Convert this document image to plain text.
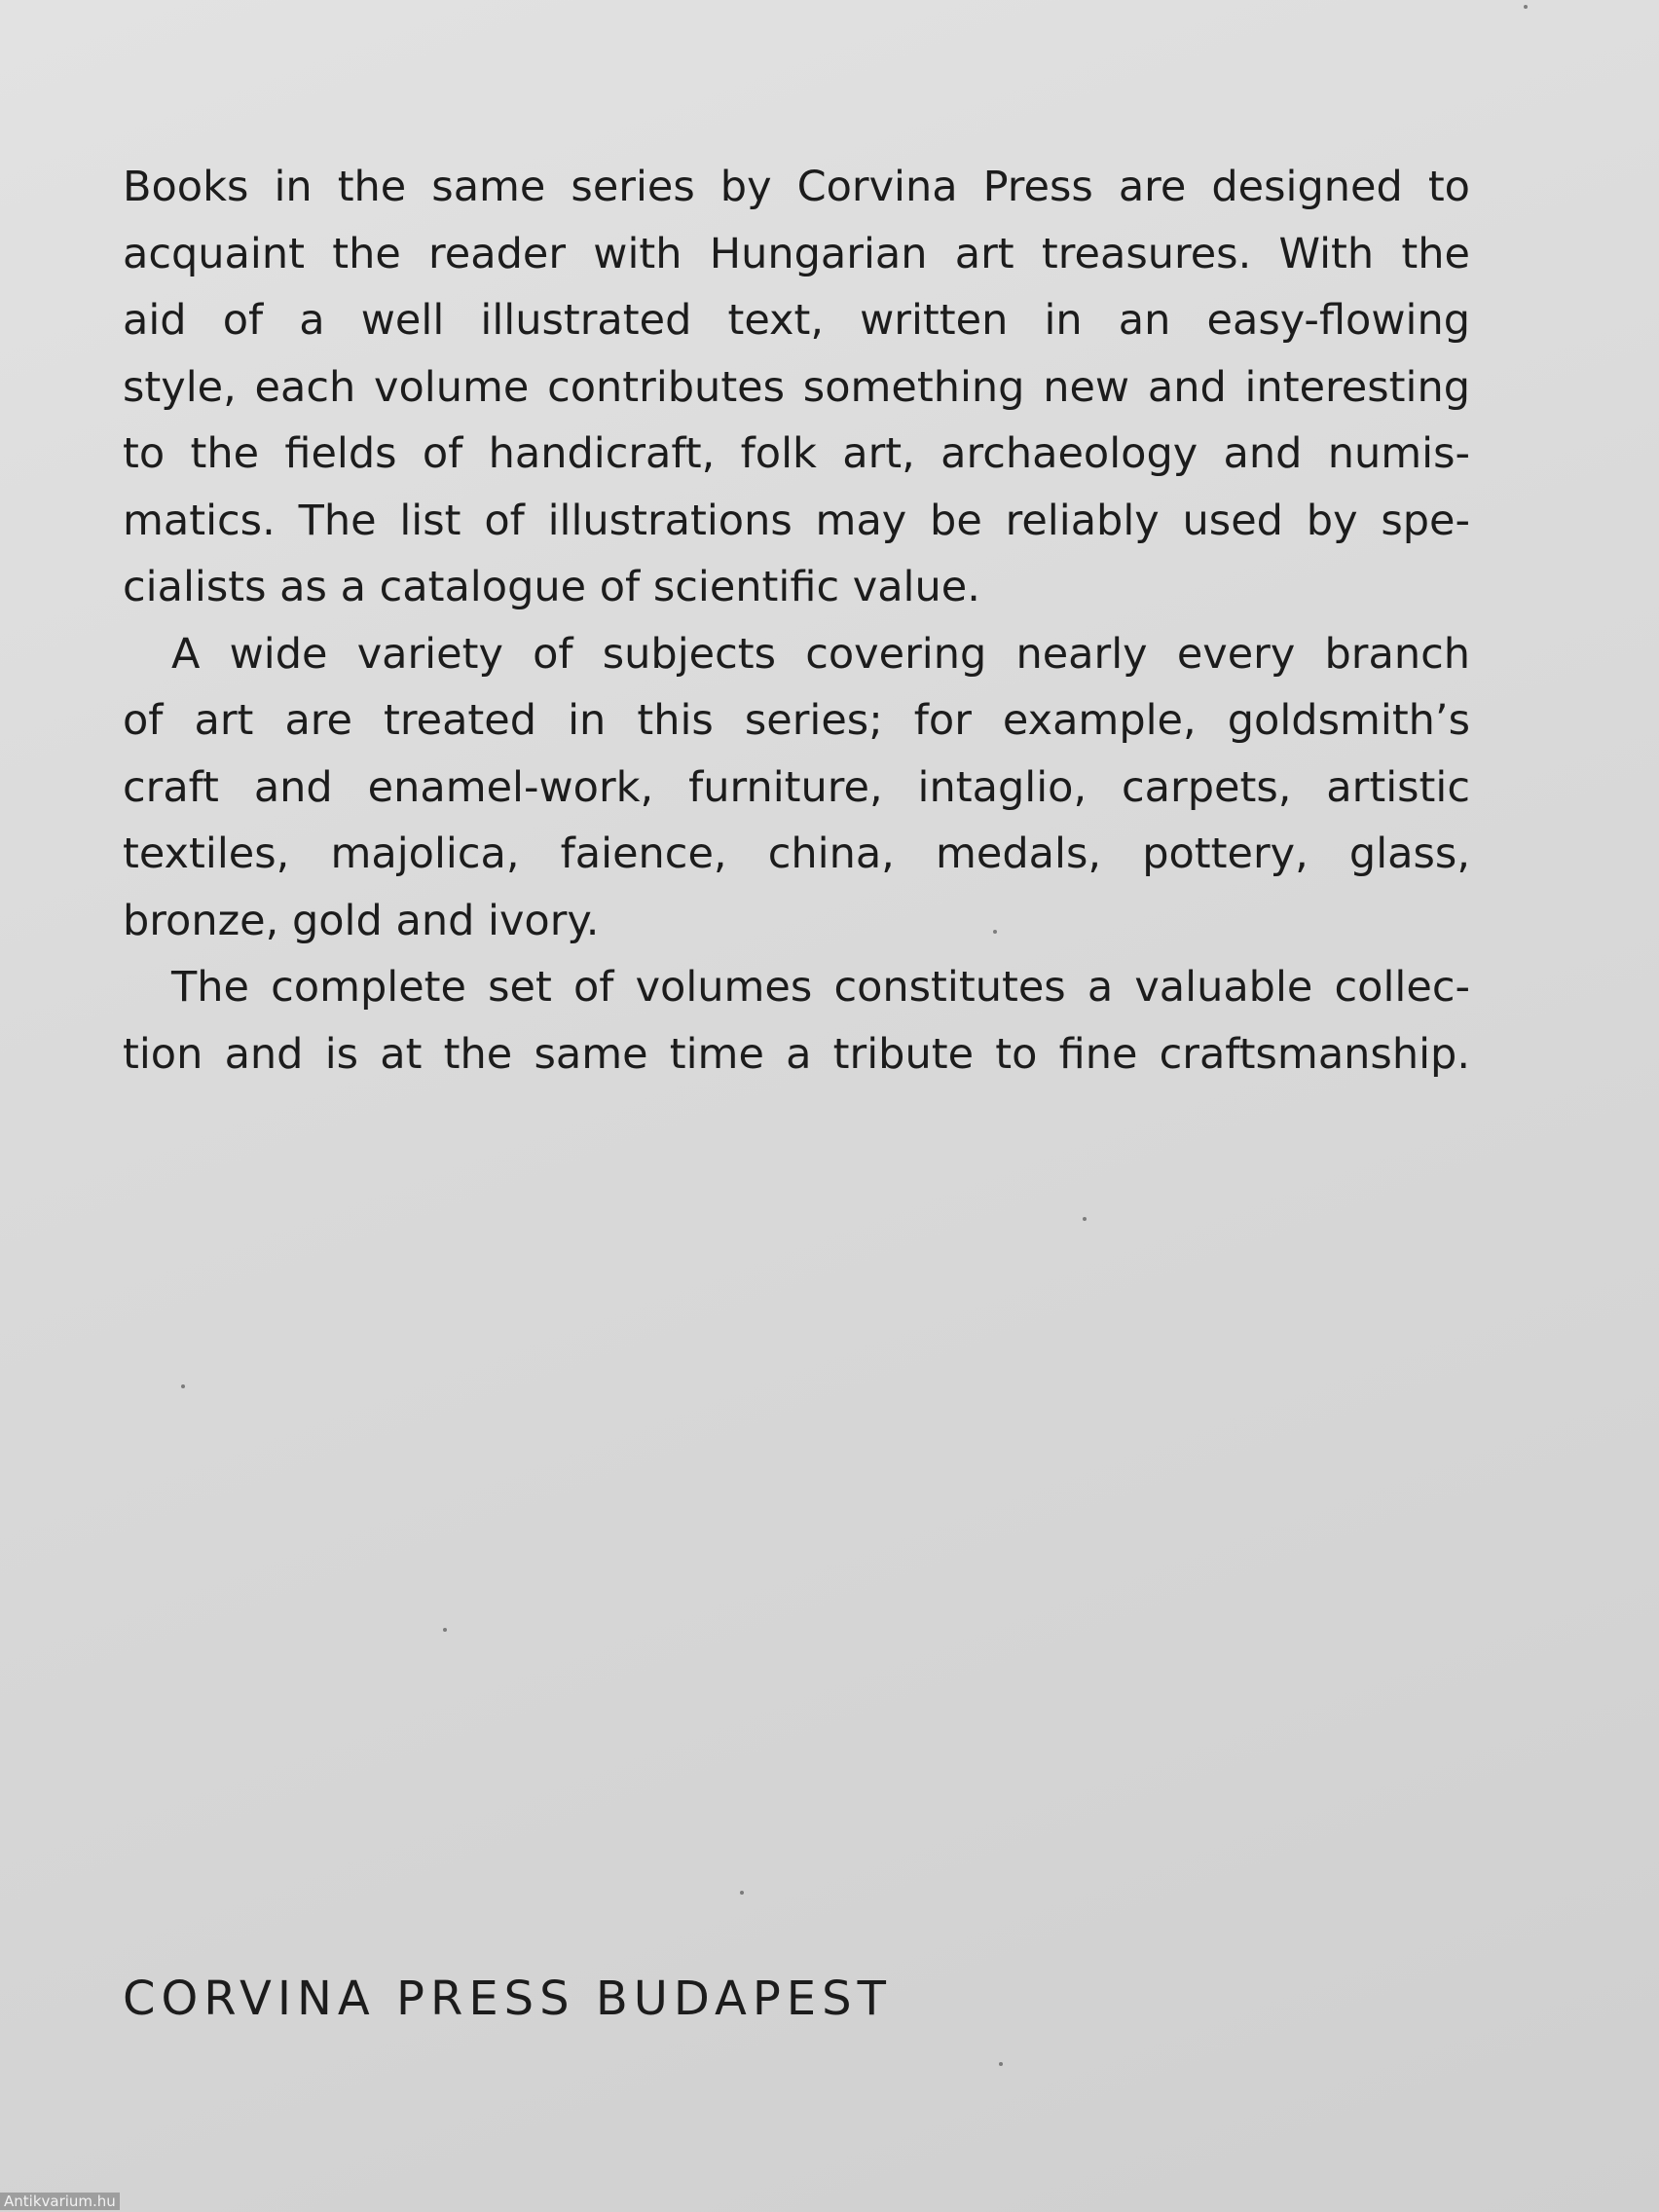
Books in the same series by Corvina Press are designed to
acquaint the reader with Hungarian art treasures. With the
aid of a well illustrated text, written in an easy-flowing
style, each volume contributes something new and interesting
to the fields of handicraft, folk art, archaeology and numis-
matics. The list of illustrations may be reliably used by spe-
cialists as a catalogue of scientific value.
A wide variety of subjects covering nearly every branch
of art are treated in this series; for example, goldsmith’s
craft and enamel-work, furniture, intaglio, carpets, artistic
textiles, majolica, faience, china, medals, pottery, glass,
bronze, gold and ivory.
The complete set of volumes constitutes a valuable collec-
tion and is at the same time a tribute to fine craftsmanship.
CORVINA PRESS BUDAPEST
Antikvarium.hu
